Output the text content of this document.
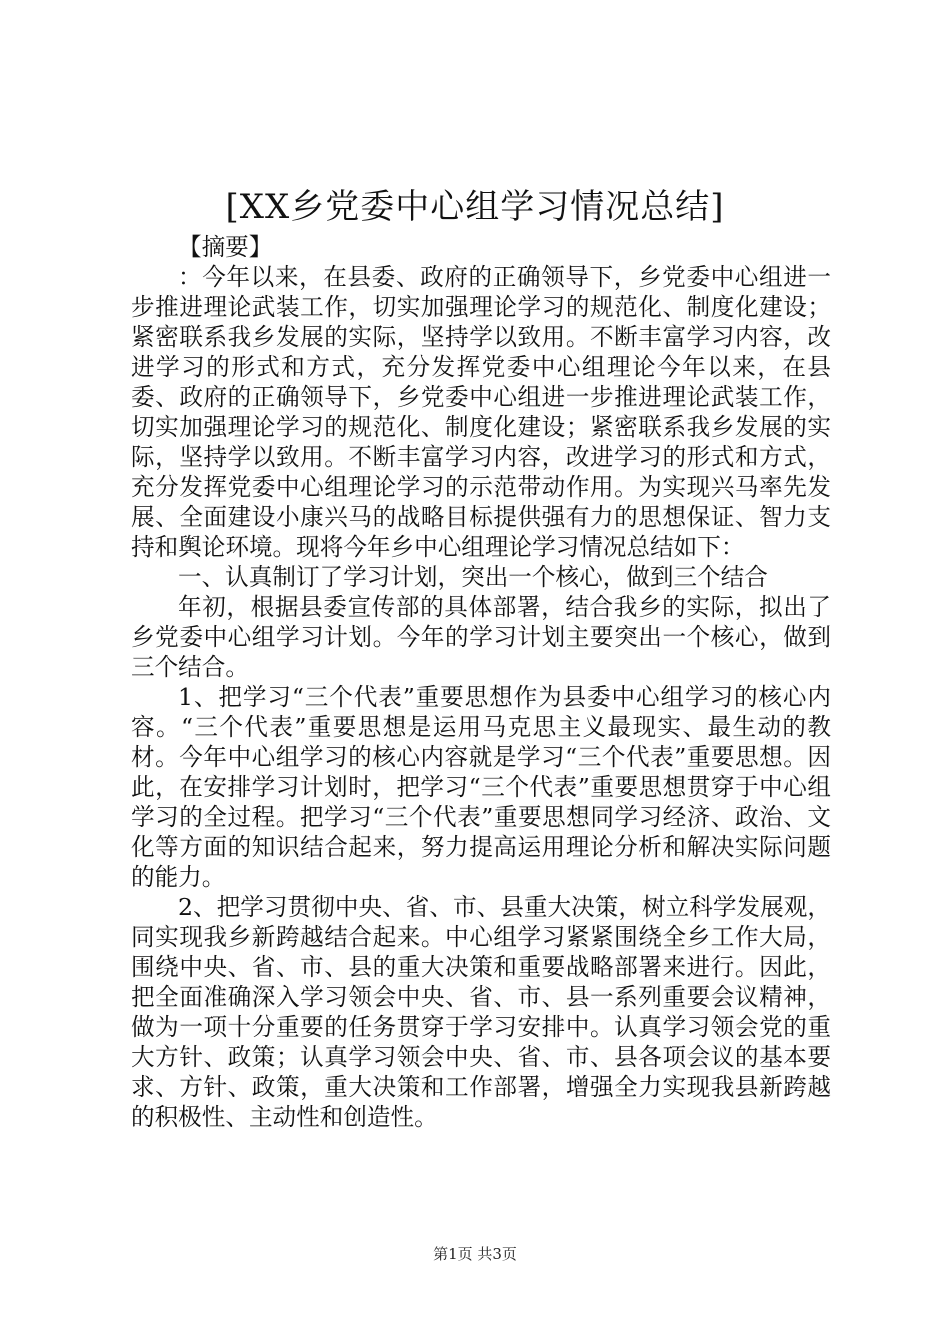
[XX乡党委中心组学习情况总结]

【摘要】

：今年以来，在县委、政府的正确领导下，乡党委中心组进一步推进理论武装工作，切实加强理论学习的规范化、制度化建设；紧密联系我乡发展的实际，坚持学以致用。不断丰富学习内容，改进学习的形式和方式，充分发挥党委中心组理论今年以来，在县委、政府的正确领导下，乡党委中心组进一步推进理论武装工作，切实加强理论学习的规范化、制度化建设；紧密联系我乡发展的实际，坚持学以致用。不断丰富学习内容，改进学习的形式和方式，充分发挥党委中心组理论学习的示范带动作用。为实现兴马率先发展、全面建设小康兴马的战略目标提供强有力的思想保证、智力支持和舆论环境。现将今年乡中心组理论学习情况总结如下：

一、认真制订了学习计划，突出一个核心，做到三个结合

年初，根据县委宣传部的具体部署，结合我乡的实际，拟出了乡党委中心组学习计划。今年的学习计划主要突出一个核心，做到三个结合。

1、把学习“三个代表”重要思想作为县委中心组学习的核心内容。“三个代表”重要思想是运用马克思主义最现实、最生动的教材。今年中心组学习的核心内容就是学习“三个代表”重要思想。因此，在安排学习计划时，把学习“三个代表”重要思想贯穿于中心组学习的全过程。把学习“三个代表”重要思想同学习经济、政治、文化等方面的知识结合起来，努力提高运用理论分析和解决实际问题的能力。

2、把学习贯彻中央、省、市、县重大决策，树立科学发展观，同实现我乡新跨越结合起来。中心组学习紧紧围绕全乡工作大局，围绕中央、省、市、县的重大决策和重要战略部署来进行。因此，把全面准确深入学习领会中央、省、市、县一系列重要会议精神，做为一项十分重要的任务贯穿于学习安排中。认真学习领会党的重大方针、政策；认真学习领会中央、省、市、县各项会议的基本要求、方针、政策，重大决策和工作部署，增强全力实现我县新跨越的积极性、主动性和创造性。

第1页 共3页
